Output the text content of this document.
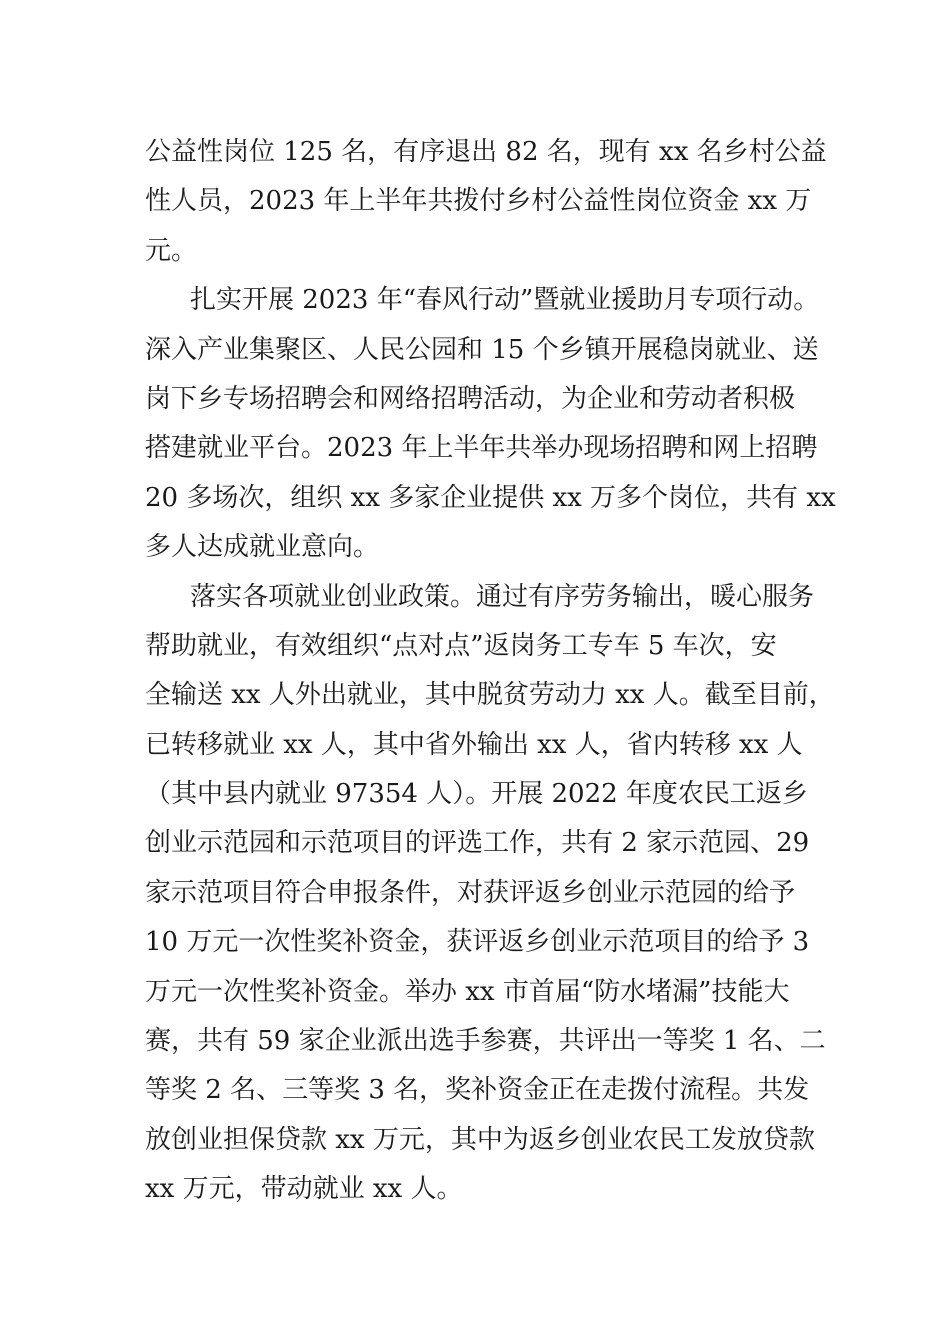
公益性岗位 125 名，有序退出 82 名，现有 xx 名乡村公益
性人员，2023 年上半年共拨付乡村公益性岗位资金 xx 万
元。
扎实开展 2023 年“春风行动”暨就业援助月专项行动。
深入产业集聚区、人民公园和 15 个乡镇开展稳岗就业、送
岗下乡专场招聘会和网络招聘活动，为企业和劳动者积极
搭建就业平台。2023 年上半年共举办现场招聘和网上招聘
20 多场次，组织 xx 多家企业提供 xx 万多个岗位，共有 xx
多人达成就业意向。
落实各项就业创业政策。通过有序劳务输出，暖心服务
帮助就业，有效组织“点对点”返岗务工专车 5 车次，安
全输送 xx 人外出就业，其中脱贫劳动力 xx 人。截至目前，
已转移就业 xx 人，其中省外输出 xx 人，省内转移 xx 人
（其中县内就业 97354 人）。开展 2022 年度农民工返乡
创业示范园和示范项目的评选工作，共有 2 家示范园、29
家示范项目符合申报条件，对获评返乡创业示范园的给予
10 万元一次性奖补资金，获评返乡创业示范项目的给予 3
万元一次性奖补资金。举办 xx 市首届“防水堵漏”技能大
赛，共有 59 家企业派出选手参赛，共评出一等奖 1 名、二
等奖 2 名、三等奖 3 名，奖补资金正在走拨付流程。共发
放创业担保贷款 xx 万元，其中为返乡创业农民工发放贷款
xx 万元，带动就业 xx 人。
